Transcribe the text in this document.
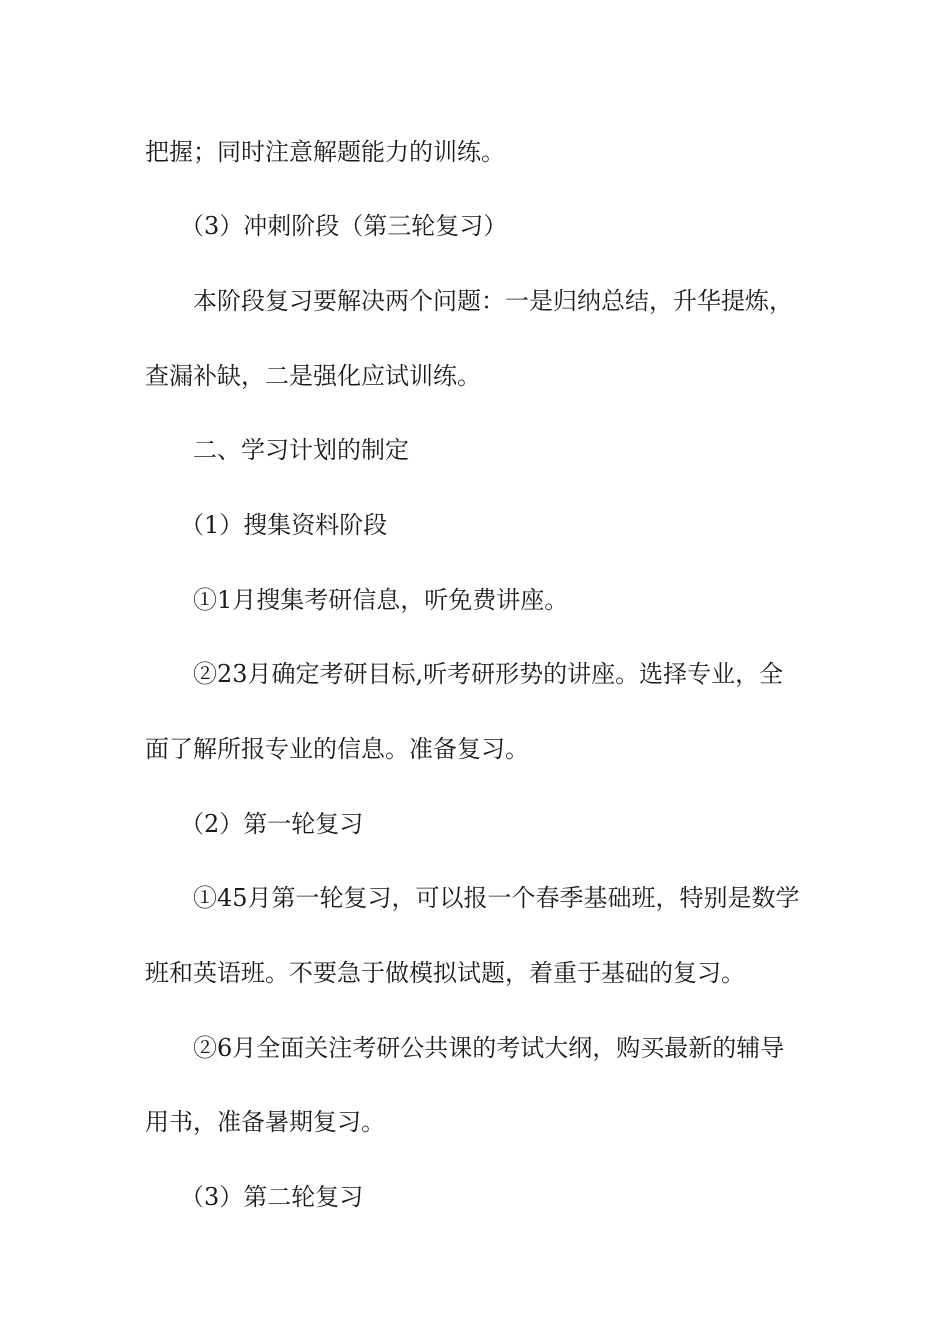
把握；同时注意解题能力的训练。

（3）冲刺阶段（第三轮复习）

本阶段复习要解决两个问题：一是归纳总结，升华提炼，

查漏补缺，二是强化应试训练。

二、学习计划的制定

（1）搜集资料阶段

①1月搜集考研信息，听免费讲座。

②23月确定考研目标,听考研形势的讲座。选择专业，全

面了解所报专业的信息。准备复习。

（2）第一轮复习

①45月第一轮复习，可以报一个春季基础班，特别是数学

班和英语班。不要急于做模拟试题，着重于基础的复习。

②6月全面关注考研公共课的考试大纲，购买最新的辅导

用书，准备暑期复习。

（3）第二轮复习
